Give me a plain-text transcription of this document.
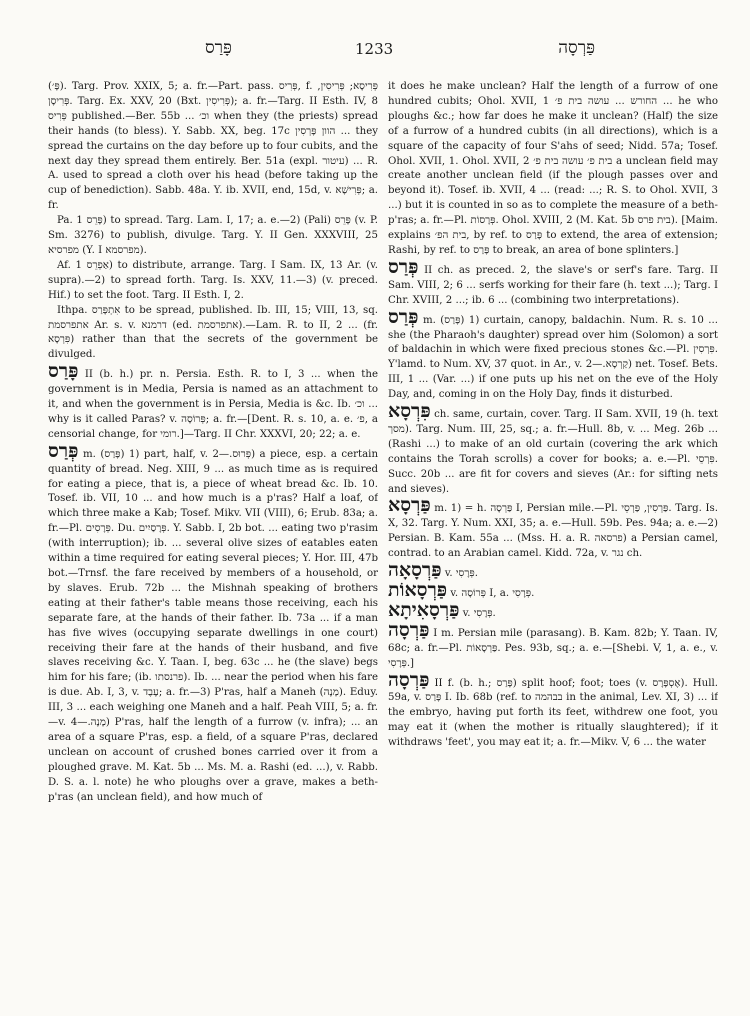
פָּרַס	1233	פַּרְסָה

(פָּ׳). Targ. Prov. XXIX, 5; a. fr.—Part. pass. פְּרִיס, f. פְּרִיסָא; פְּרִיסִין, פְּרִיסָן. Targ. Ex. XXV, 20 (Bxt. פְּרִיסִין); a. fr.—Targ. II Esth. IV, 8 פְּרִיס published.—Ber. 55b ... וכ׳ when they (the priests) spread their hands (to bless). Y. Sabb. XX, beg. 17c הוון פָּרְסִין ... they spread the curtains on the day before up to four cubits, and the next day they spread them entirely. Ber. 51a (expl. עיטור) ... R. A. used to spread a cloth over his head (before taking up the cup of benediction). Sabb. 48a. Y. ib. XVII, end, 15d, v. פְּרִישָׁא; a. fr.

Pa. פָּרֵס 1) to spread. Targ. Lam. I, 17; a. e.—2) (Pali) פָּרֵס (v. P. Sm. 3276) to publish, divulge. Targ. Y. II Gen. XXXVIII, 25 מפרסיא (Y. I מפרסמא).

Af. אַפְרֵס 1) to distribute, arrange. Targ. I Sam. IX, 13 Ar. (v. supra).—2) to spread forth. Targ. Is. XXV, 11.—3) (v. preced. Hif.) to set the foot. Targ. II Esth. I, 2.

Ithpa. אִתְפָּרַס to be spread, published. Ib. III, 15; VIII, 13, sq. אתפרסמת Ar. s. v. דרמנא (ed. אתפרסמת).—Lam. R. to II, 2 ... (fr. פִּרְסָא) rather than that the secrets of the government be divulged.

פָּרַס II (b. h.) pr. n. Persia. Esth. R. to I, 3 ... when the government is in Media, Persia is named as an attachment to it, and when the government is in Persia, Media is &c. Ib. וכ׳ ... why is it called Paras? v. פְּרוֹסָה; a. fr.—[Dent. R. s. 10, a. e. פ׳, a censorial change, for רומי.]—Targ. II Chr. XXXVI, 20; 22; a. e.

פְּרַס m. (פָּרַס) 1) part, half, v. פְּרוּס.—2) a piece, esp. a certain quantity of bread. Neg. XIII, 9 ... as much time as is required for eating a piece, that is, a piece of wheat bread &c. Ib. 10. Tosef. ib. VII, 10 ... and how much is a p'ras? Half a loaf, of which three make a Kab; Tosef. Mikv. VII (VIII), 6; Erub. 83a; a. fr.—Pl. פְּרָסִים. Du. פְּרָסַיִים. Y. Sabb. I, 2b bot. ... eating two p'rasim (with interruption); ib. ... several olive sizes of eatables eaten within a time required for eating several pieces; Y. Hor. III, 47b bot.—Trnsf. the fare received by members of a household, or by slaves. Erub. 72b ... the Mishnah speaking of brothers eating at their father's table means those receiving, each his separate fare, at the hands of their father. Ib. 73a ... if a man has five wives (occupying separate dwellings in one court) receiving their fare at the hands of their husband, and five slaves receiving &c. Y. Taan. I, beg. 63c ... he (the slave) begs him for his fare; (ib. פרנסתו). Ib. ... near the period when his fare is due. Ab. I, 3, v. עֶבֶד; a. fr.—3) P'ras, half a Maneh (מָנֶה). Eduy. III, 3 ... each weighing one Maneh and a half. Peah VIII, 5; a. fr.—v. מָנֶה.—4) P'ras, half the length of a furrow (v. infra); ... an area of a square P'ras, esp. a field, of a square P'ras, declared unclean on account of crushed bones carried over it from a ploughed grave. M. Kat. 5b ... Ms. M. a. Rashi (ed. ...), v. Rabb. D. S. a. l. note) he who ploughs over a grave, makes a beth-p'ras (an unclean field), and how much of

it does he make unclean? Half the length of a furrow of one hundred cubits; Ohol. XVII, 1 החורש ... עושה בית פ׳ ... he who ploughs &c.; how far does he make it unclean? (Half) the size of a furrow of a hundred cubits (in all directions), which is a square of the capacity of four S'ahs of seed; Nidd. 57a; Tosef. Ohol. XVII, 1. Ohol. XVII, 2 בית פ׳ עושה בית פ׳ a unclean field may create another unclean field (if the plough passes over and beyond it). Tosef. ib. XVII, 4 ... (read: ...; R. S. to Ohol. XVII, 3 ...) but it is counted in so as to complete the measure of a beth-p'ras; a. fr.—Pl. פְּרָסוֹת. Ohol. XVIII, 2 (M. Kat. 5b בית פרס). [Maim. explains בית הפ׳, by ref. to פָּרַס to extend, the area of extension; Rashi, by ref. to פָּרַס to break, an area of bone splinters.]

פְּרַס II ch. as preced. 2, the slave's or serf's fare. Targ. II Sam. VIII, 2; 6 ... serfs working for their fare (h. text ...); Targ. I Chr. XVIII, 2 ...; ib. 6 ... (combining two interpretations).

פְּרַס m. (פָּרַס) 1) curtain, canopy, baldachin. Num. R. s. 10 ... she (the Pharaoh's daughter) spread over him (Solomon) a sort of baldachin in which were fixed precious stones &c.—Pl. פִּרְסִין. Y'lamd. to Num. XV, 37 quot. in Ar., v. קַרְסָא.—2) net. Tosef. Bets. III, 1 ... (Var. ...) if one puts up his net on the eve of the Holy Day, and, coming in on the Holy Day, finds it disturbed.

פִּרְסָא ch. same, curtain, cover. Targ. II Sam. XVII, 19 (h. text מסך). Targ. Num. III, 25, sq.; a. fr.—Hull. 8b, v. ... Meg. 26b ... (Rashi ...) to make of an old curtain (covering the ark which contains the Torah scrolls) a cover for books; a. e.—Pl. פִּרְסֵי. Succ. 20b ... are fit for covers and sieves (Ar.: for sifting nets and sieves).

פַּרְסָא m. 1) = h. פַּרְסָה I, Persian mile.—Pl. פַּרְסִין, פַּרְסֵי. Targ. Is. X, 32. Targ. Y. Num. XXI, 35; a. e.—Hull. 59b. Pes. 94a; a. e.—2) Persian. B. Kam. 55a ... (Mss. H. a. R. פרסאה) a Persian camel, contrad. to an Arabian camel. Kidd. 72a, v. נגר ch.

פַּרְסָאָה v. פְּרָסִי.

פַּרְסָאוֹת v. פְּרוֹסָה I, a. פְּרָסִי.

פַּרְסָאִיתָא v. פְּרָסִי.

פַּרְסָה I m. Persian mile (parasang). B. Kam. 82b; Y. Taan. IV, 68c; a. fr.—Pl. פַּרְסָאוֹת. Pes. 93b, sq.; a. e.—[Shebi. V, 1, a. e., v. פְּרָסִי.]

פַּרְסָה II f. (b. h.; פָּרַס) split hoof; foot; toes (v. אֶסְפָּרָס). Hull. 59a, v. פָּרַס I. Ib. 68b (ref. to בבהמה in the animal, Lev. XI, 3) ... if the embryo, having put forth its feet, withdrew one foot, you may eat it (when the mother is ritually slaughtered); if it withdraws 'feet', you may eat it; a. fr.—Mikv. V, 6 ... the water
